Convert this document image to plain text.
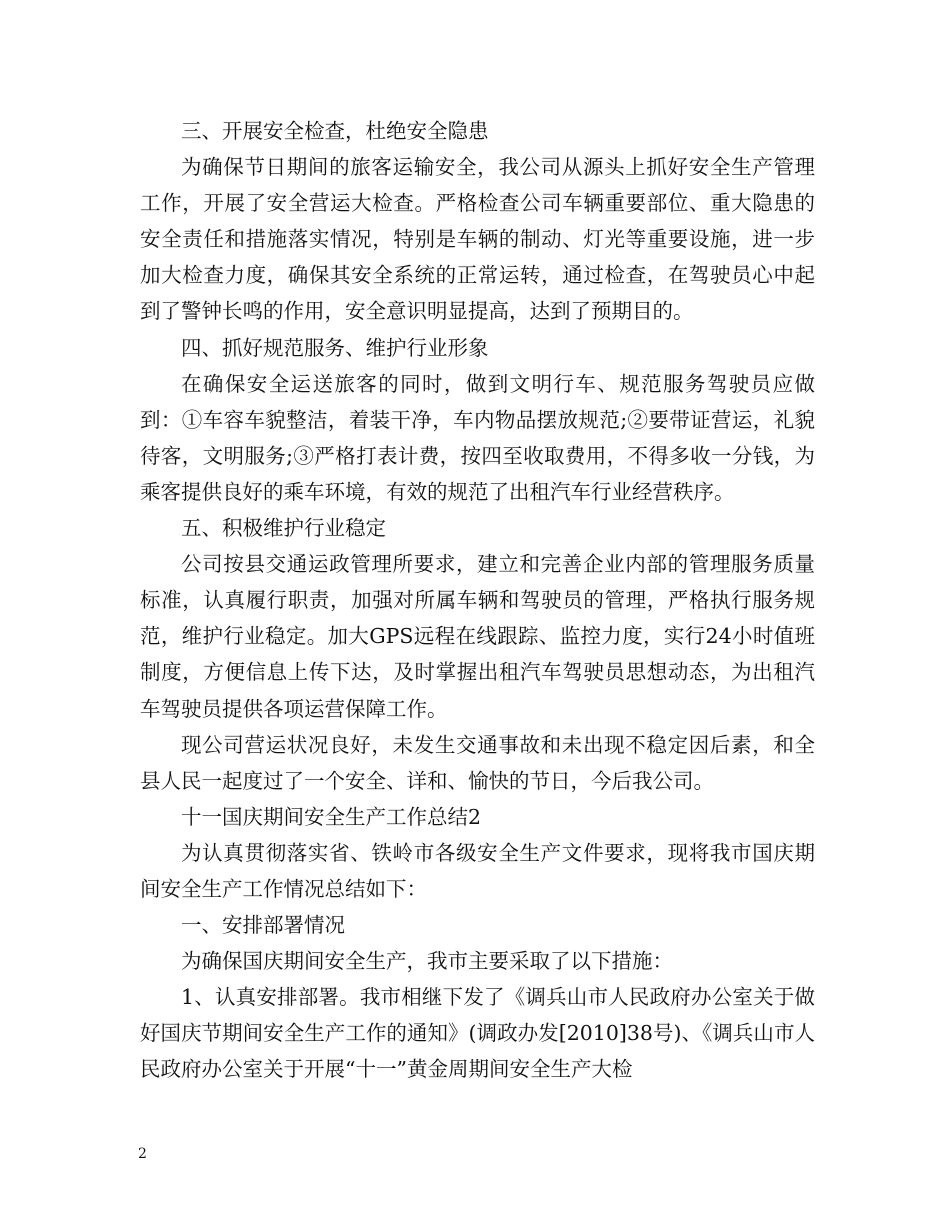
三、开展安全检查，杜绝安全隐患

为确保节日期间的旅客运输安全，我公司从源头上抓好安全生产管理工作，开展了安全营运大检查。严格检查公司车辆重要部位、重大隐患的安全责任和措施落实情况，特别是车辆的制动、灯光等重要设施，进一步加大检查力度，确保其安全系统的正常运转，通过检查，在驾驶员心中起到了警钟长鸣的作用，安全意识明显提高，达到了预期目的。

四、抓好规范服务、维护行业形象

在确保安全运送旅客的同时，做到文明行车、规范服务驾驶员应做到：①车容车貌整洁，着装干净，车内物品摆放规范;②要带证营运，礼貌待客，文明服务;③严格打表计费，按四至收取费用，不得多收一分钱，为乘客提供良好的乘车环境，有效的规范了出租汽车行业经营秩序。

五、积极维护行业稳定

公司按县交通运政管理所要求，建立和完善企业内部的管理服务质量标准，认真履行职责，加强对所属车辆和驾驶员的管理，严格执行服务规范，维护行业稳定。加大GPS远程在线跟踪、监控力度，实行24小时值班制度，方便信息上传下达，及时掌握出租汽车驾驶员思想动态，为出租汽车驾驶员提供各项运营保障工作。

现公司营运状况良好，未发生交通事故和未出现不稳定因后素，和全县人民一起度过了一个安全、详和、愉快的节日，今后我公司。

十一国庆期间安全生产工作总结2

为认真贯彻落实省、铁岭市各级安全生产文件要求，现将我市国庆期间安全生产工作情况总结如下：

一、安排部署情况

为确保国庆期间安全生产，我市主要采取了以下措施：

1、认真安排部署。我市相继下发了《调兵山市人民政府办公室关于做好国庆节期间安全生产工作的通知》(调政办发[2010]38号)、《调兵山市人民政府办公室关于开展“十一”黄金周期间安全生产大检

2
